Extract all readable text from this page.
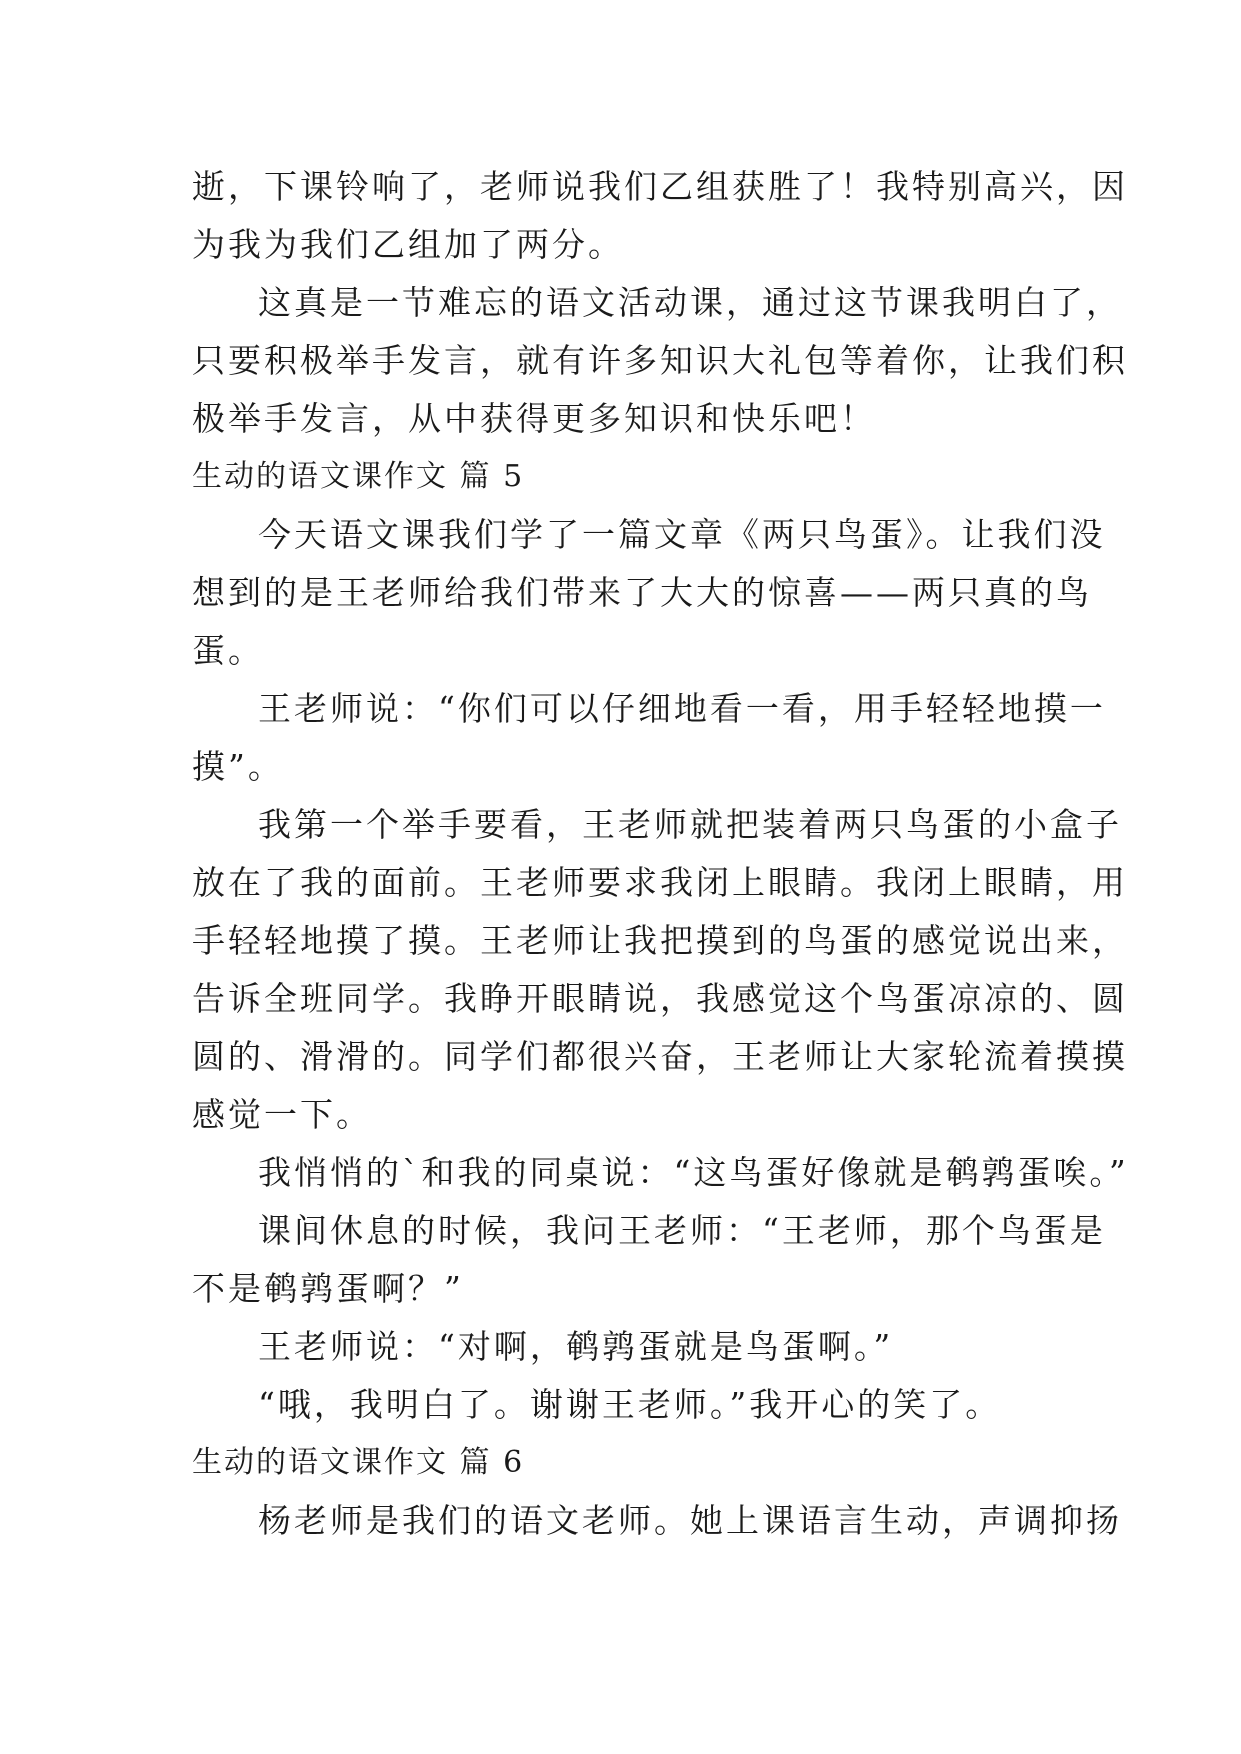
逝，下课铃响了，老师说我们乙组获胜了！我特别高兴，因
为我为我们乙组加了两分。
这真是一节难忘的语文活动课，通过这节课我明白了，
只要积极举手发言，就有许多知识大礼包等着你，让我们积
极举手发言，从中获得更多知识和快乐吧！
生动的语文课作文 篇 5
今天语文课我们学了一篇文章《两只鸟蛋》。让我们没
想到的是王老师给我们带来了大大的惊喜——两只真的鸟
蛋。
王老师说：“你们可以仔细地看一看，用手轻轻地摸一
摸”。
我第一个举手要看，王老师就把装着两只鸟蛋的小盒子
放在了我的面前。王老师要求我闭上眼睛。我闭上眼睛，用
手轻轻地摸了摸。王老师让我把摸到的鸟蛋的感觉说出来，
告诉全班同学。我睁开眼睛说，我感觉这个鸟蛋凉凉的、圆
圆的、滑滑的。同学们都很兴奋，王老师让大家轮流着摸摸
感觉一下。
我悄悄的`和我的同桌说：“这鸟蛋好像就是鹌鹑蛋唉。”
课间休息的时候，我问王老师：“王老师，那个鸟蛋是
不是鹌鹑蛋啊？”
王老师说：“对啊，鹌鹑蛋就是鸟蛋啊。”
“哦，我明白了。谢谢王老师。”我开心的笑了。
生动的语文课作文 篇 6
杨老师是我们的语文老师。她上课语言生动，声调抑扬
